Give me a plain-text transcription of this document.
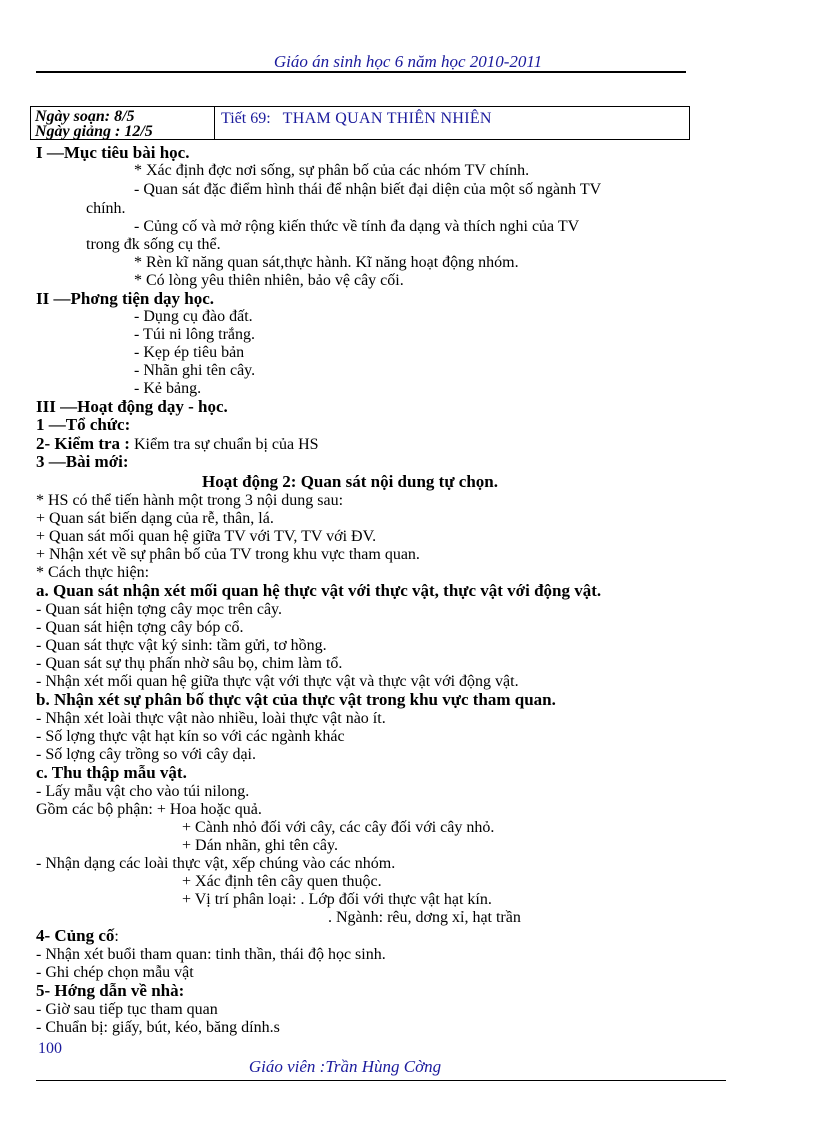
Giáo án sinh học 6 năm học 2010-2011
Ngày soạn: 8/5
Ngày giảng : 12/5
Tiết 69: THAM QUAN THIÊN NHIÊN
I —Mục tiêu bài học.
* Xác định đợc nơi sống, sự phân bố của các nhóm TV chính.
- Quan sát đặc điểm hình thái để nhận biết đại diện của một số ngành TV
chính.
- Củng cố và mở rộng kiến thức về tính đa dạng và thích nghi của TV
trong đk sống cụ thể.
* Rèn kĩ năng quan sát,thực hành. Kĩ năng hoạt động nhóm.
* Có lòng yêu thiên nhiên, bảo vệ cây cối.
II —Phơng tiện dạy học.
- Dụng cụ đào đất.
- Túi ni lông trắng.
- Kẹp ép tiêu bản
- Nhãn ghi tên cây.
- Kẻ bảng.
III —Hoạt động dạy - học.
1 —Tổ chức:
2- Kiểm tra : Kiểm tra sự chuẩn bị của HS
3 —Bài mới:
Hoạt động 2: Quan sát nội dung tự chọn.
* HS có thể tiến hành một trong 3 nội dung sau:
+ Quan sát biến dạng của rễ, thân, lá.
+ Quan sát mối quan hệ giữa TV với TV, TV với ĐV.
+ Nhận xét về sự phân bố của TV trong khu vực tham quan.
* Cách thực hiện:
a. Quan sát nhận xét mối quan hệ thực vật với thực vật, thực vật với động vật.
- Quan sát hiện tợng cây mọc trên cây.
- Quan sát hiện tợng cây bóp cổ.
- Quan sát thực vật ký sinh: tầm gửi, tơ hồng.
- Quan sát sự thụ phấn nhờ sâu bọ, chim làm tổ.
- Nhận xét mối quan hệ giữa thực vật với thực vật và thực vật với động vật.
b. Nhận xét sự phân bố thực vật của thực vật trong khu vực tham quan.
- Nhận xét loài thực vật nào nhiều, loài thực vật nào ít.
- Số lợng thực vật hạt kín so với các ngành khác
- Số lợng cây trồng so với cây dại.
c. Thu thập mẫu vật.
- Lấy mẫu vật cho vào túi nilong.
Gồm các bộ phận: + Hoa hoặc quả.
+ Cành nhỏ đối với cây, các cây đối với cây nhỏ.
+ Dán nhãn, ghi tên cây.
- Nhận dạng các loài thực vật, xếp chúng vào các nhóm.
+ Xác định tên cây quen thuộc.
+ Vị trí phân loại: . Lớp đối với thực vật hạt kín.
. Ngành: rêu, dơng xỉ, hạt trần
4- Củng cố:
- Nhận xét buổi tham quan: tinh thần, thái độ học sinh.
- Ghi chép chọn mẫu vật
5- Hớng dẫn về nhà:
- Giờ sau tiếp tục tham quan
- Chuẩn bị: giấy, bút, kéo, băng dính.s
100
Giáo viên :Trần Hùng Cờng
